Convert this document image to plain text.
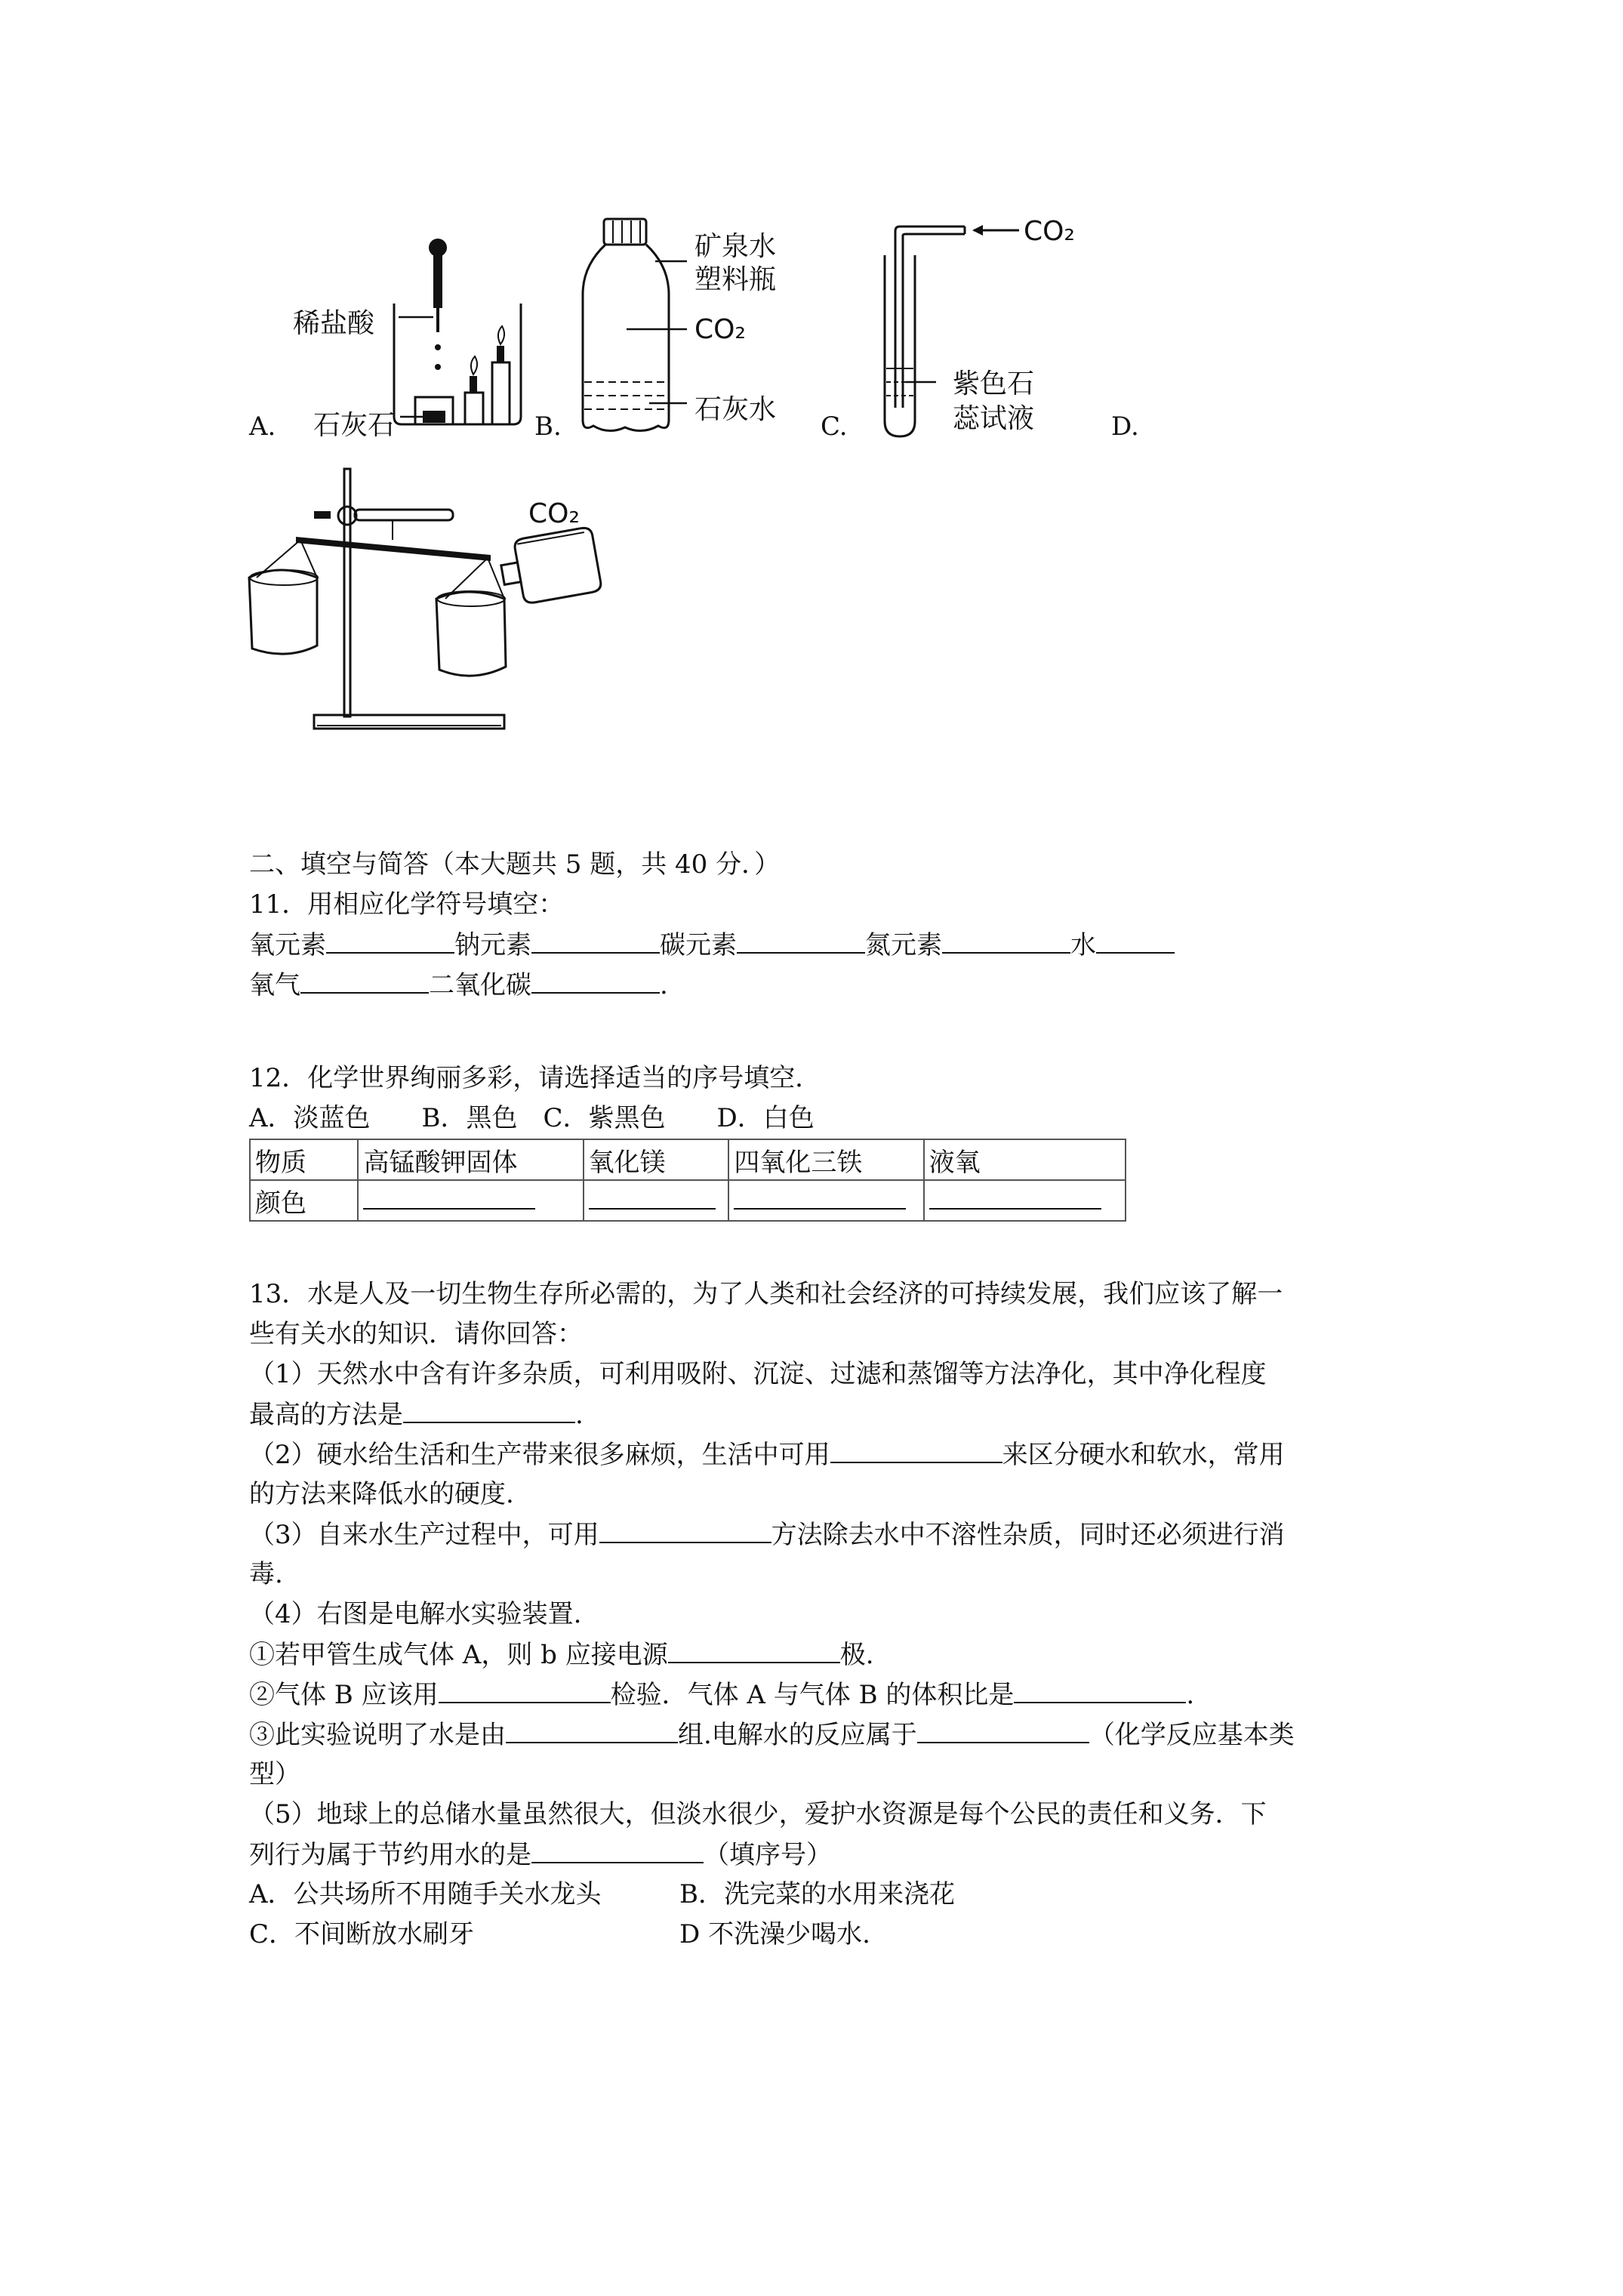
稀盐酸
石灰石
A.	B.
矿泉水
塑料瓶
CO₂
石灰水
C.
CO₂
紫色石
蕊试液	D.
CO₂
二、填空与简答（本大题共 5 题，共 40 分．）
11．用相应化学符号填空：
氧元素	钠元素	碳元素	氮元素	水
氧气	二氧化碳	.
12．化学世界绚丽多彩，请选择适当的序号填空．
A．淡蓝色　　B．黑色　C．紫黑色　　D．白色
物质	高锰酸钾固体	氧化镁	四氧化三铁	液氧
颜色				
13．水是人及一切生物生存所必需的，为了人类和社会经济的可持续发展，我们应该了解一
些有关水的知识．请你回答：
（1）天然水中含有许多杂质，可利用吸附、沉淀、过滤和蒸馏等方法净化，其中净化程度
最高的方法是	.
（2）硬水给生活和生产带来很多麻烦，生活中可用	来区分硬水和软水，常用
的方法来降低水的硬度.
（3）自来水生产过程中，可用	方法除去水中不溶性杂质，同时还必须进行消
毒.
（4）右图是电解水实验装置.
①若甲管生成气体 A，则 b 应接电源	极.
②气体 B 应该用	检验．气体 A 与气体 B 的体积比是	.
③此实验说明了水是由	组.电解水的反应属于	（化学反应基本类
型）
（5）地球上的总储水量虽然很大，但淡水很少，爱护水资源是每个公民的责任和义务．下
列行为属于节约用水的是	（填序号）
A．公共场所不用随手关水龙头	B．洗完菜的水用来浇花
C．不间断放水刷牙	D 不洗澡少喝水.
